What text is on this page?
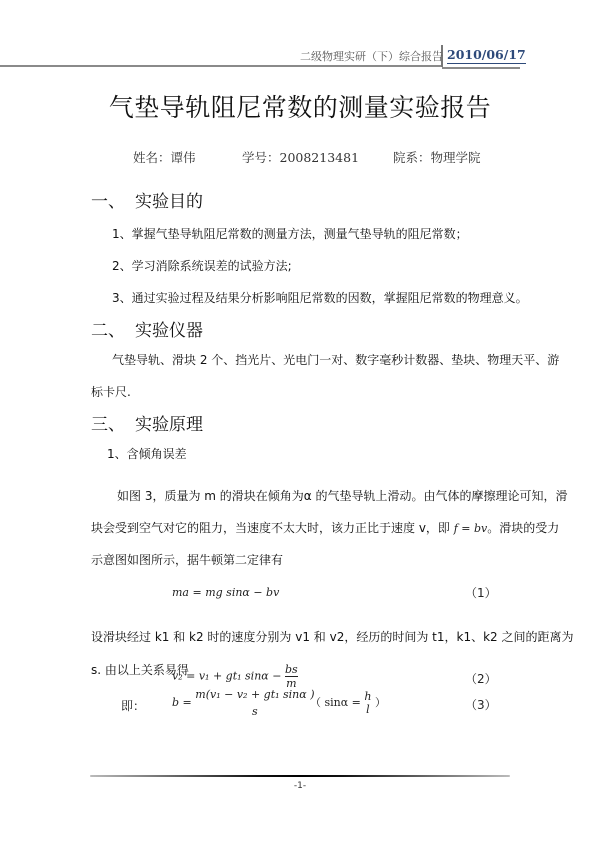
二级物理实研（下）综合报告 2010/06/17
气垫导轨阻尼常数的测量实验报告
姓名：谭伟	学号：2008213481	院系：物理学院
一、 实验目的
1、掌握气垫导轨阻尼常数的测量方法，测量气垫导轨的阻尼常数；
2、学习消除系统误差的试验方法;
3、通过实验过程及结果分析影响阻尼常数的因数，掌握阻尼常数的物理意义。
二、 实验仪器
气垫导轨、滑块 2 个、挡光片、光电门一对、数字毫秒计数器、垫块、物理天平、游
标卡尺.
三、 实验原理
1、含倾角误差
如图 3，质量为 m 的滑块在倾角为α 的气垫导轨上滑动。由气体的摩擦理论可知，滑
块会受到空气对它的阻力，当速度不太大时，该力正比于速度 v，即 f = bv。滑块的受力
示意图如图所示，据牛顿第二定律有
ma = mg sinα − bv	（1）
设滑块经过 k1 和 k2 时的速度分别为 v1 和 v2，经历的时间为 t1，k1、k2 之间的距离为
s. 由以上关系易得
v₂ = v₁ + gt₁ $\sin\alpha - \frac{bs}{m}$	（2）
即： b =
m(v₁ − v₂ + gt₁ sinα )
s
（ sinα = h
l
）	（3）
-1-
